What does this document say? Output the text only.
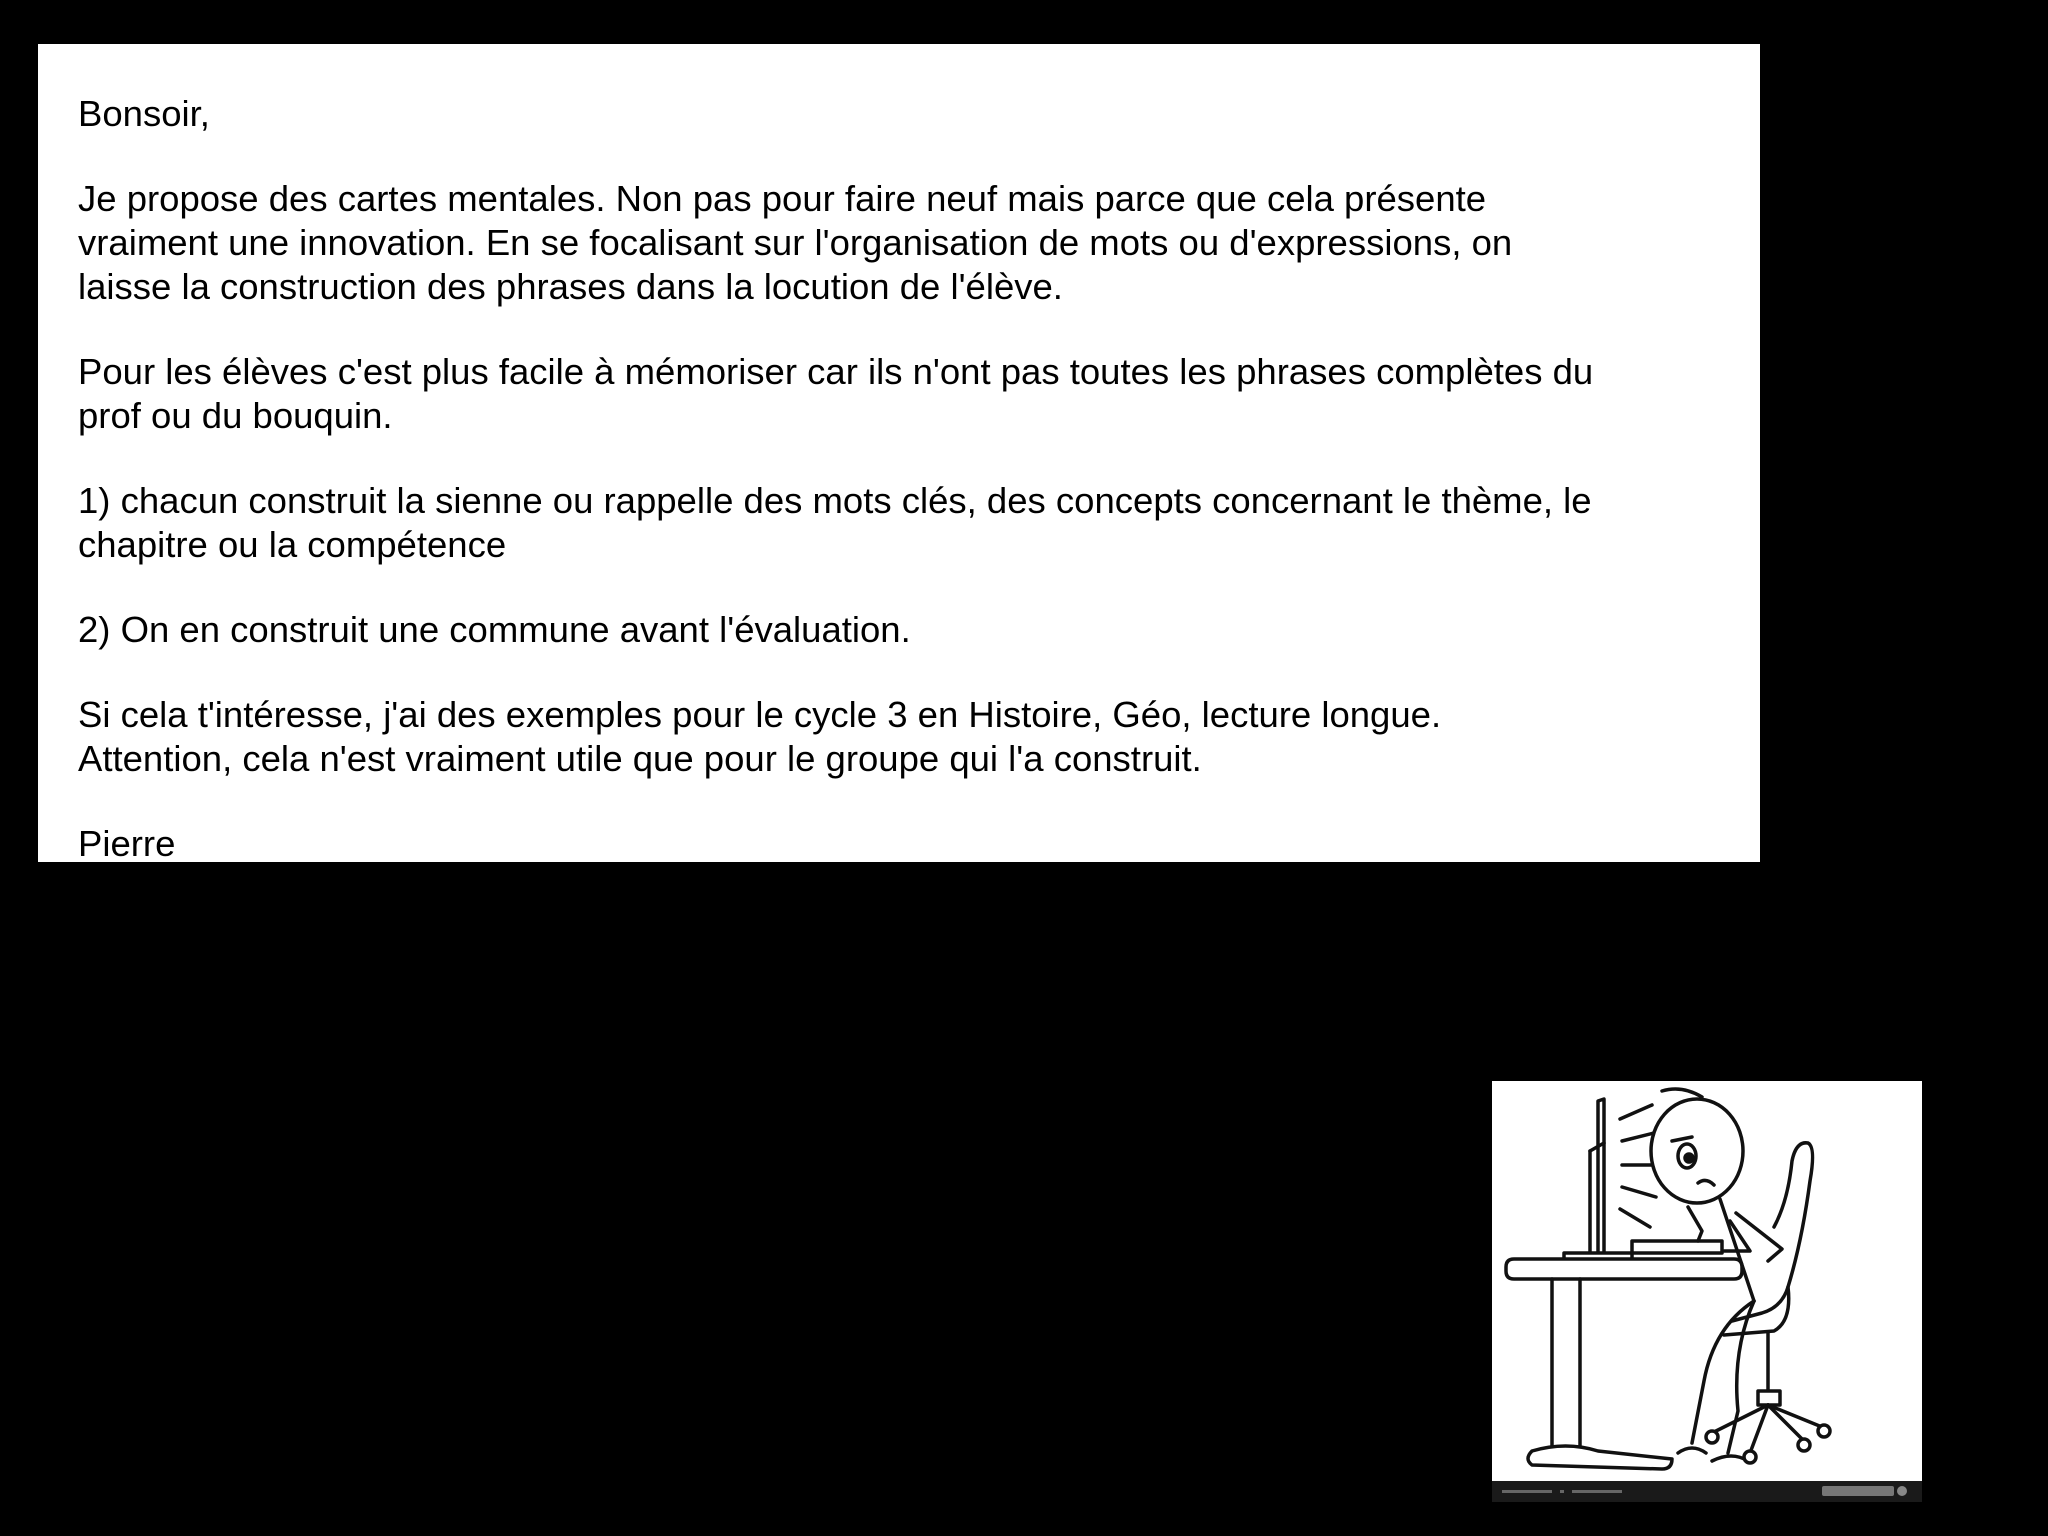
Bonsoir,

Je propose des cartes mentales. Non pas pour faire neuf mais parce que cela présente
vraiment une innovation. En se focalisant sur l'organisation de mots ou d'expressions, on
laisse la construction des phrases dans la locution de l'élève.

Pour les élèves c'est plus facile à mémoriser car ils n'ont pas toutes les phrases complètes du
prof ou du bouquin.

1) chacun construit la sienne ou rappelle des mots clés, des concepts concernant le thème, le
chapitre ou la compétence

2) On en construit une commune avant l'évaluation.

Si cela t'intéresse, j'ai des exemples pour le cycle 3 en Histoire, Géo, lecture longue.
Attention, cela n'est vraiment utile que pour le groupe qui l'a construit.

Pierre
